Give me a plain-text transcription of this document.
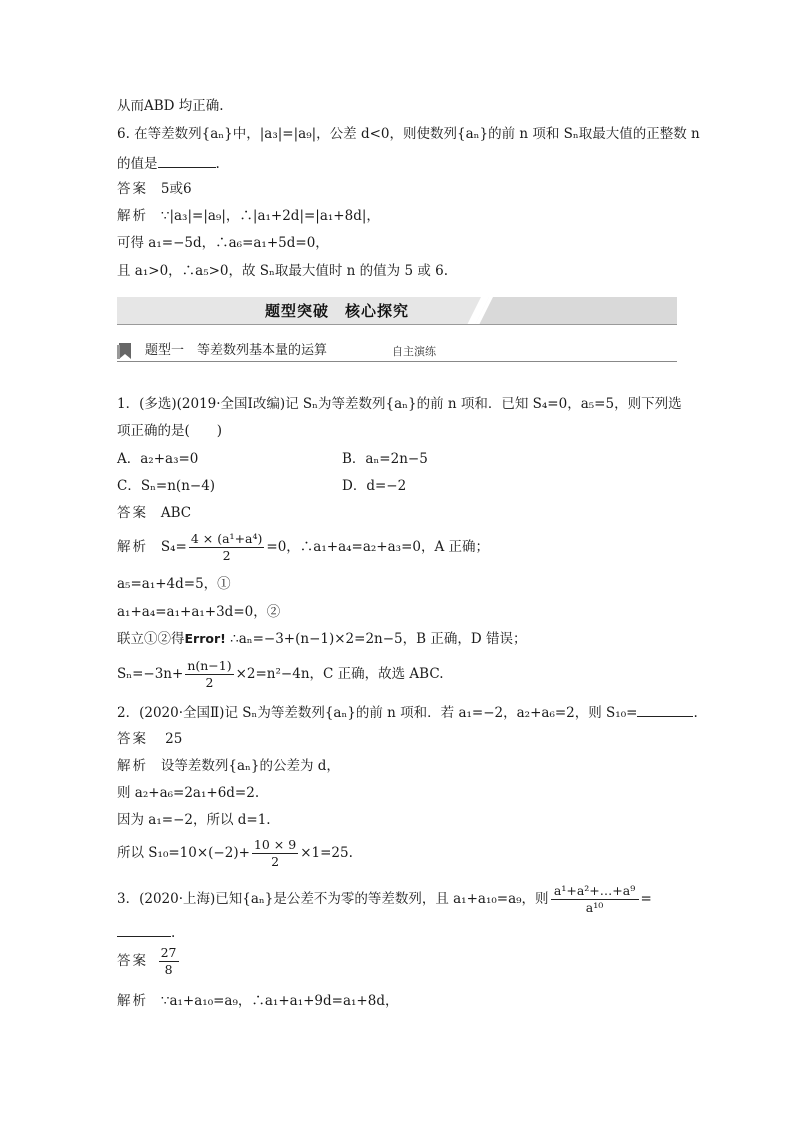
从而ABD 均正确.
6. 在等差数列{aₙ}中，|a₃|=|a₉|，公差 d<0，则使数列{aₙ}的前 n 项和 Sₙ取最大值的正整数 n
的值是	.
答案 5或6
解析 ∵|a₃|=|a₉|，∴|a₁+2d|=|a₁+8d|，
可得 a₁=−5d，∴a₆=a₁+5d=0，
且 a₁>0，∴a₅>0，故 Sₙ取最大值时 n 的值为 5 或 6.
题型突破　核心探究
题型一　等差数列基本量的运算	自主演练
1．(多选)(2019·全国Ⅰ改编)记 Sₙ为等差数列{aₙ}的前 n 项和．已知 S₄=0，a₅=5，则下列选
项正确的是(　　)
A．a₂+a₃=0	B．aₙ=2n−5
C．Sₙ=n(n−4)	D．d=−2
答案 ABC
解析 $S_4= \frac{\text{4 × (a¹+a⁴)}}{2} =0$，∴a₁+a₄=a₂+a₃=0，A 正确；
a₅=a₁+4d=5，①
a₁+a₄=a₁+a₁+3d=0，②
联立①②得Error! ∴aₙ=−3+(n−1)×2=2n−5，B 正确，D 错误；
$S_n=-3n+ \frac{n(n-1)}{2} \times 2=n^2-4n$，C 正确，故选 ABC.
2．(2020·全国Ⅱ)记 Sₙ为等差数列{aₙ}的前 n 项和．若 a₁=−2，a₂+a₆=2，则 S₁₀=	.
答案 25
解析 设等差数列{aₙ}的公差为 d，
则 a₂+a₆=2a₁+6d=2.
因为 a₁=−2，所以 d=1.
所以 $S_{10}=10\times(-2)+ \frac{10 \times 9}{2} \times 1=25$.
3．(2020·上海)已知{aₙ}是公差不为零的等差数列，且 a₁+a₁₀=a₉，则 $\frac{\text{a¹+a²+…+a⁹}}{\text{a¹⁰}}$ =
.
答案 $\frac{27}{8}$
解析 ∵a₁+a₁₀=a₉，∴a₁+a₁+9d=a₁+8d，
